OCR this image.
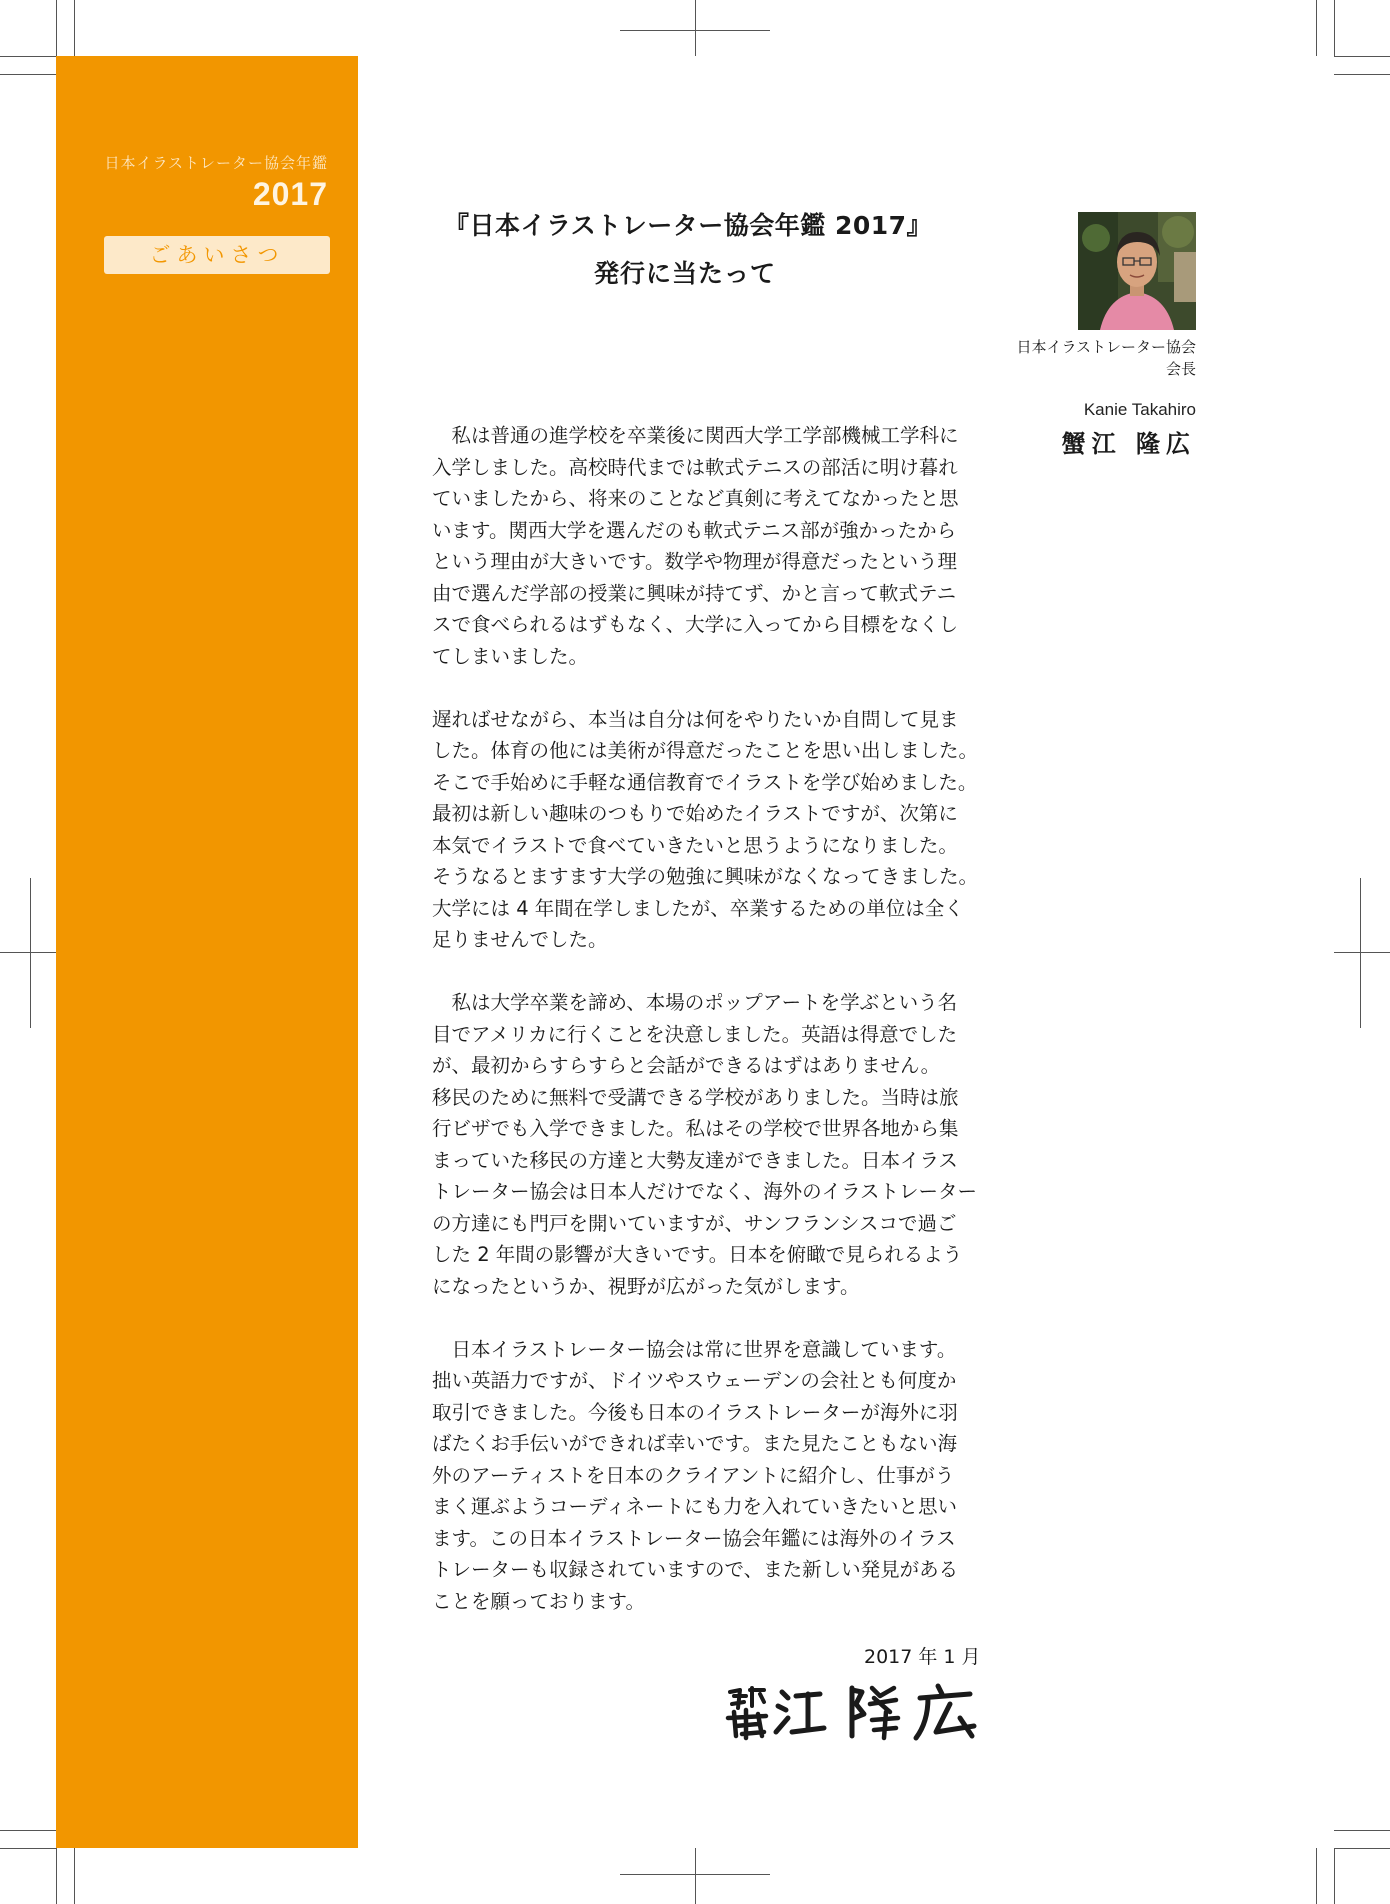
日本イラストレーター協会年鑑
2017
ごあいさつ
『日本イラストレーター協会年鑑 2017』
発行に当たって
日本イラストレーター協会
会長
Kanie Takahiro
蟹江 隆広
　私は普通の進学校を卒業後に関西大学工学部機械工学科に
入学しました。高校時代までは軟式テニスの部活に明け暮れ
ていましたから、将来のことなど真剣に考えてなかったと思
います。関西大学を選んだのも軟式テニス部が強かったから
という理由が大きいです。数学や物理が得意だったという理
由で選んだ学部の授業に興味が持てず、かと言って軟式テニ
スで食べられるはずもなく、大学に入ってから目標をなくし
てしまいました。
遅ればせながら、本当は自分は何をやりたいか自問して見ま
した。体育の他には美術が得意だったことを思い出しました。
そこで手始めに手軽な通信教育でイラストを学び始めました。
最初は新しい趣味のつもりで始めたイラストですが、次第に
本気でイラストで食べていきたいと思うようになりました。
そうなるとますます大学の勉強に興味がなくなってきました。
大学には 4 年間在学しましたが、卒業するための単位は全く
足りませんでした。
　私は大学卒業を諦め、本場のポップアートを学ぶという名
目でアメリカに行くことを決意しました。英語は得意でした
が、最初からすらすらと会話ができるはずはありません。
移民のために無料で受講できる学校がありました。当時は旅
行ビザでも入学できました。私はその学校で世界各地から集
まっていた移民の方達と大勢友達ができました。日本イラス
トレーター協会は日本人だけでなく、海外のイラストレーター
の方達にも門戸を開いていますが、サンフランシスコで過ご
した 2 年間の影響が大きいです。日本を俯瞰で見られるよう
になったというか、視野が広がった気がします。
　日本イラストレーター協会は常に世界を意識しています。
拙い英語力ですが、ドイツやスウェーデンの会社とも何度か
取引できました。今後も日本のイラストレーターが海外に羽
ばたくお手伝いができれば幸いです。また見たこともない海
外のアーティストを日本のクライアントに紹介し、仕事がう
まく運ぶようコーディネートにも力を入れていきたいと思い
ます。この日本イラストレーター協会年鑑には海外のイラス
トレーターも収録されていますので、また新しい発見がある
ことを願っております。
2017 年 1 月
